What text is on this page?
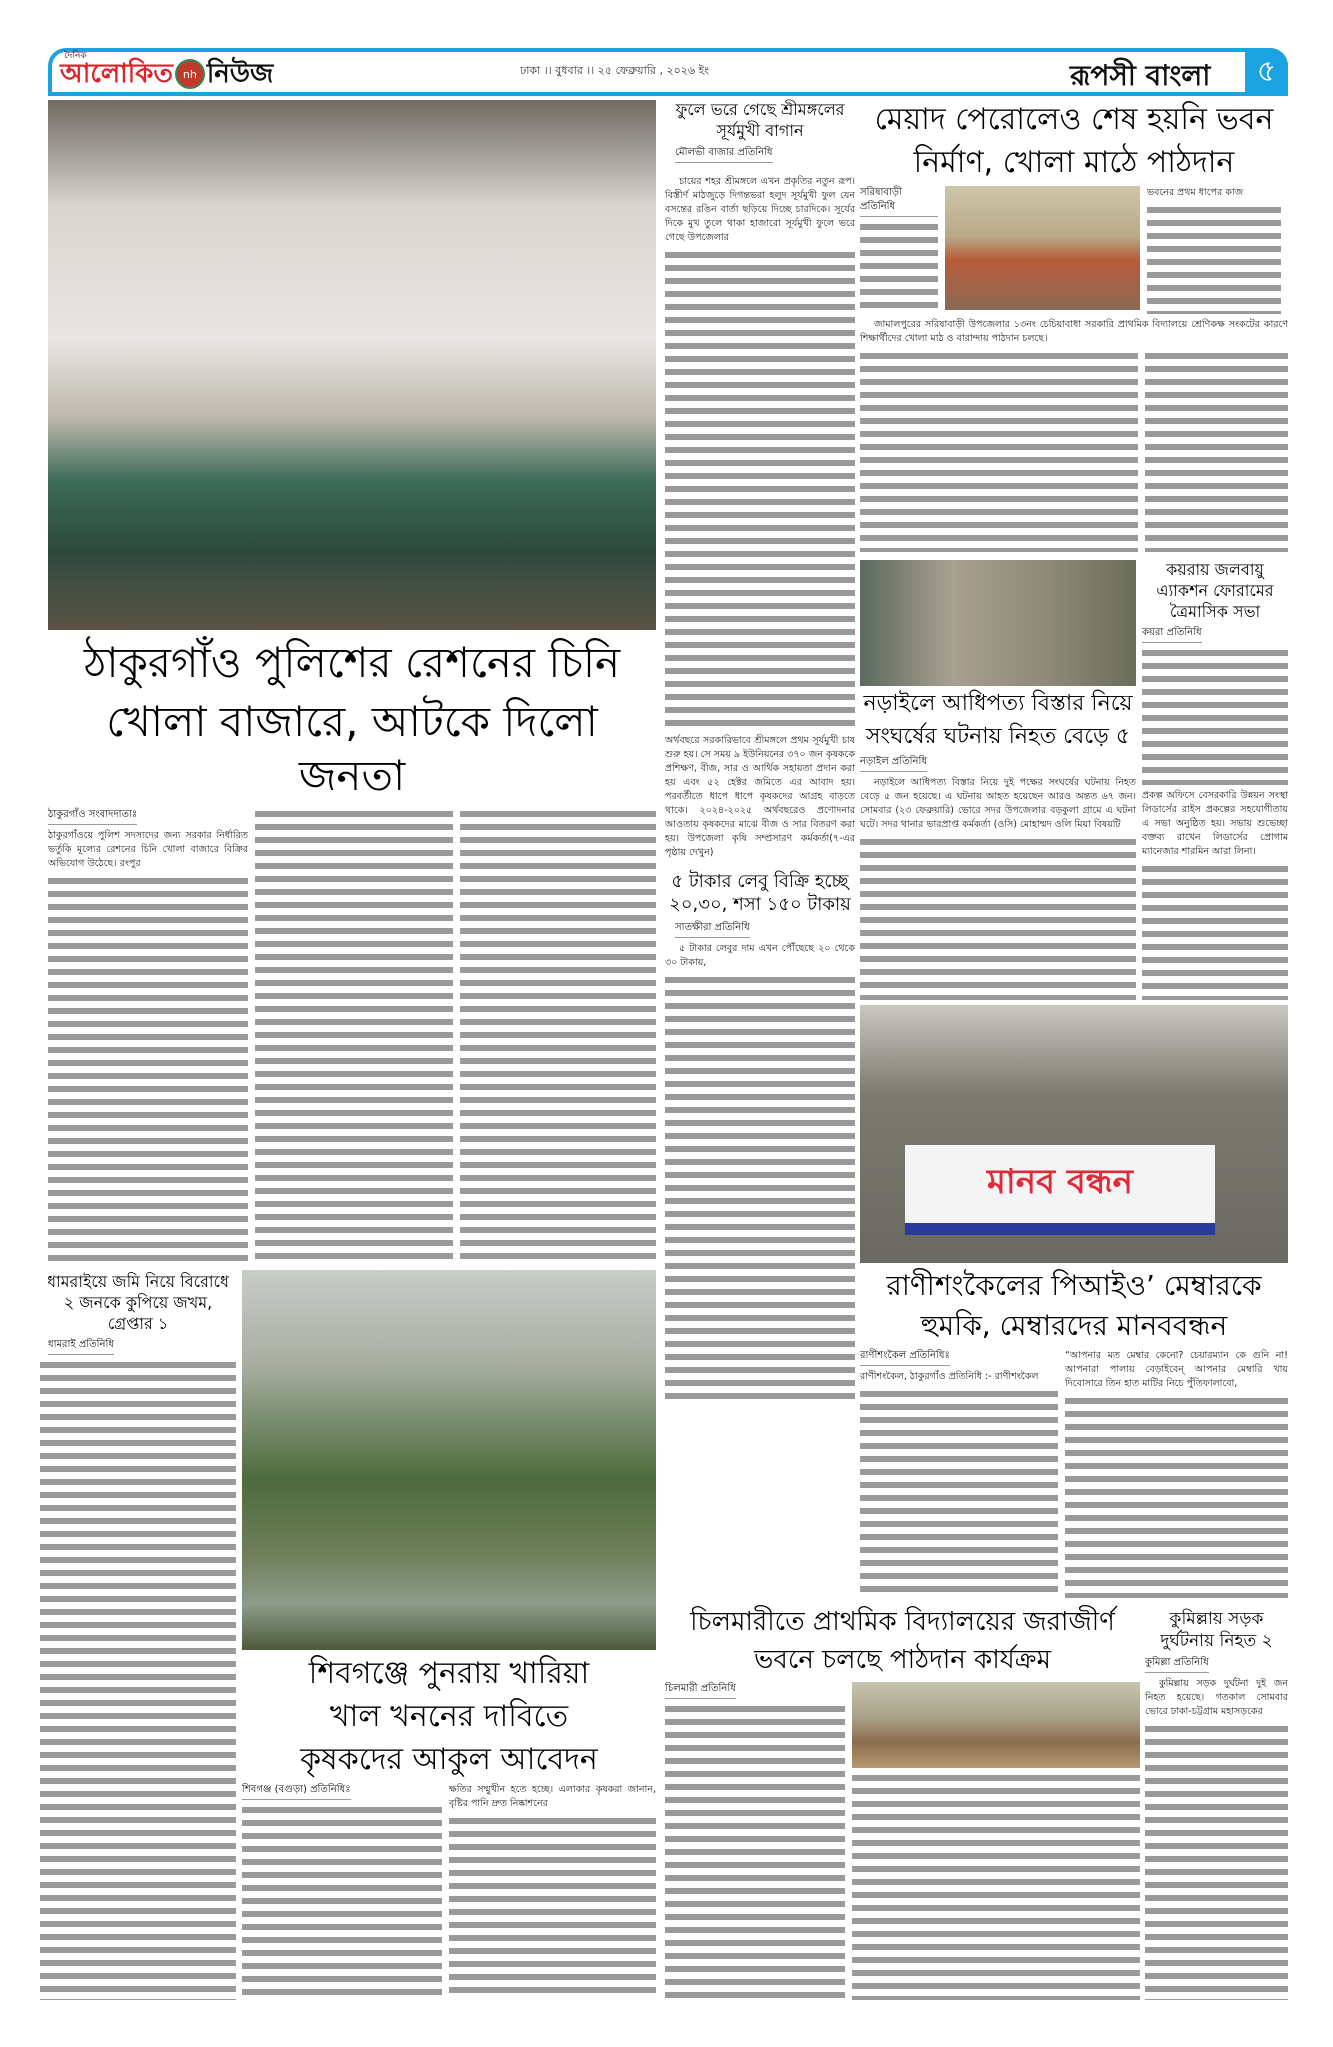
দৈনিক
আলোকিত nh নিউজ	ঢাকা ।। বুধবার ।। ২৫ ফেব্রুয়ারি , ২০২৬ ইং	রূপসী বাংলা	৫
ঠাকুরগাঁও পুলিশের রেশনের চিনি
খোলা বাজারে, আটকে দিলো জনতা
ঠাকুরগাঁও সংবাদদাতাঃ
ঠাকুরগাঁওয়ে পুলিশ সদস্যদের জন্য সরকার নির্ধারিত ভর্তুকি মূল্যের রেশনের চিনি খোলা বাজারে বিক্রির অভিযোগ উঠেছে। রংপুর
ফুলে ভরে গেছে শ্রীমঙ্গলের সূর্যমুখী বাগান
মৌলভী বাজার প্রতিনিধি
চায়ের শহর শ্রীমঙ্গলে এখন প্রকৃতির নতুন রূপ। বিস্তীর্ণ মাঠজুড়ে দিগন্তভরা হলুদ সূর্যমুখী ফুল যেন বসন্তের রঙিন বার্তা ছড়িয়ে দিচ্ছে চারদিকে। সূর্যের দিকে মুখ তুলে থাকা হাজারো সূর্যমুখী ফুলে ভরে গেছে উপজেলার
অর্থবছরে সরকারিভাবে শ্রীমঙ্গলে প্রথম সূর্যমুখী চাষ শুরু হয়। সে সময় ৯ ইউনিয়নের ৩৭০ জন কৃষককে প্রশিক্ষণ, বীজ, সার ও আর্থিক সহায়তা প্রদান করা হয় এবং ৫২ হেক্টর জমিতে এর আবাদ হয়। পরবর্তীতে ধাপে ধাপে কৃষকদের আগ্রহ বাড়তে থাকে। ২০২৪-২০২৫ অর্থবছরেও প্রণোদনার আওতায় কৃষকদের মাঝে বীজ ও সার বিতরণ করা হয়। উপজেলা কৃষি সম্প্রসারণ কর্মকর্তা(৭-এর পৃষ্ঠায় দেখুন)
মেয়াদ পেরোলেও শেষ হয়নি ভবন
নির্মাণ, খোলা মাঠে পাঠদান
সরিষাবাড়ী প্রতিনিধি
ভবনের প্রথম ধাপের কাজ
জামালপুরের সরিষাবাড়ী উপজেলার ১৩নং চেচিয়াবাধা সরকারি প্রাথমিক বিদ্যালয়ে শ্রেণিকক্ষ সংকটের কারণে শিক্ষার্থীদের খোলা মাঠ ও বারান্দায় পাঠদান চলছে।
নড়াইলে আধিপত্য বিস্তার নিয়ে
সংঘর্ষের ঘটনায় নিহত বেড়ে ৫
নড়াইল প্রতিনিধি
নড়াইলে আধিপত্য বিস্তার নিয়ে দুই পক্ষের সংঘর্ষের ঘটনায় নিহত বেড়ে ৫ জন হয়েছে। এ ঘটনায় আহত হয়েছেন আরও অন্তত ৬৭ জন। সোমবার (২৩ ফেব্রুয়ারি) ভোরে সদর উপজেলার বড়কুলা গ্রামে এ ঘটনা ঘটে। সদর থানার ভারপ্রাপ্ত কর্মকর্তা (ওসি) মোহাম্মদ ওলি মিয়া বিষয়টি
কয়রায় জলবায়ু এ্যাকশন ফোরামের ত্রৈমাসিক সভা
কয়রা প্রতিনিধি
প্রকল্প অফিসে বেসরকারি উন্নয়ন সংস্থা লিডার্সের রাইস প্রকল্পের সহযোগীতায় এ সভা অনুষ্ঠিত হয়। সভায় শুভেচ্ছা বক্তব্য রাখেন লিডার্সের প্রোগাম ম্যানেজার শারমিন আরা লিনা।
৫ টাকার লেবু বিক্রি হচ্ছে ২০,৩০, শসা ১৫০ টাকায়
সাতক্ষীরা প্রতিনিধি
৫ টাকার লেবুর দাম এখন পৌঁছেছে ২০ থেকে ৩০ টাকায়,
মানব বন্ধন
রাণীশংকৈলের পিআইও’ মেম্বারকে
হুমকি, মেম্বারদের মানববন্ধন
রাণীশংকৈল প্রতিনিধিঃ
রাণীশংকৈল, ঠাকুরগাঁও প্রতিনিধি :- রাণীশংকৈল
“আপনার মত মেম্বার কেনো? চেয়ারম্যান কে গুনি না! আপনারা পালায় বেড়াইবেন্ আপনার মেম্বারি খায় দিবোসারে তিন হাত মাটির নিচে পুঁতিফালাবো,
ধামরাইয়ে জমি নিয়ে বিরোধে ২ জনকে কুপিয়ে জখম, গ্রেপ্তার ১
ধামরাই প্রতিনিধি
শিবগঞ্জে পুনরায় খারিয়া
খাল খননের দাবিতে
কৃষকদের আকুল আবেদন
শিবগঞ্জ (বগুড়া) প্রতিনিধিঃ	ক্ষতির সম্মুখীন হতে হচ্ছে। এলাকার কৃষকরা জানান, বৃষ্টির পানি দ্রুত নিষ্কাশনের
চিলমারীতে প্রাথমিক বিদ্যালয়ের জরাজীর্ণ
ভবনে চলছে পাঠদান কার্যক্রম
চিলমারী প্রতিনিধি
কুমিল্লায় সড়ক দুর্ঘটনায় নিহত ২
কুমিল্লা প্রতিনিধি
কুমিল্লায় সড়ক দুর্ঘটনা দুই জন নিহত হয়েছে। গতকাল সোমবার ভোরে ঢাকা-চট্টগ্রাম মহাসড়কের
